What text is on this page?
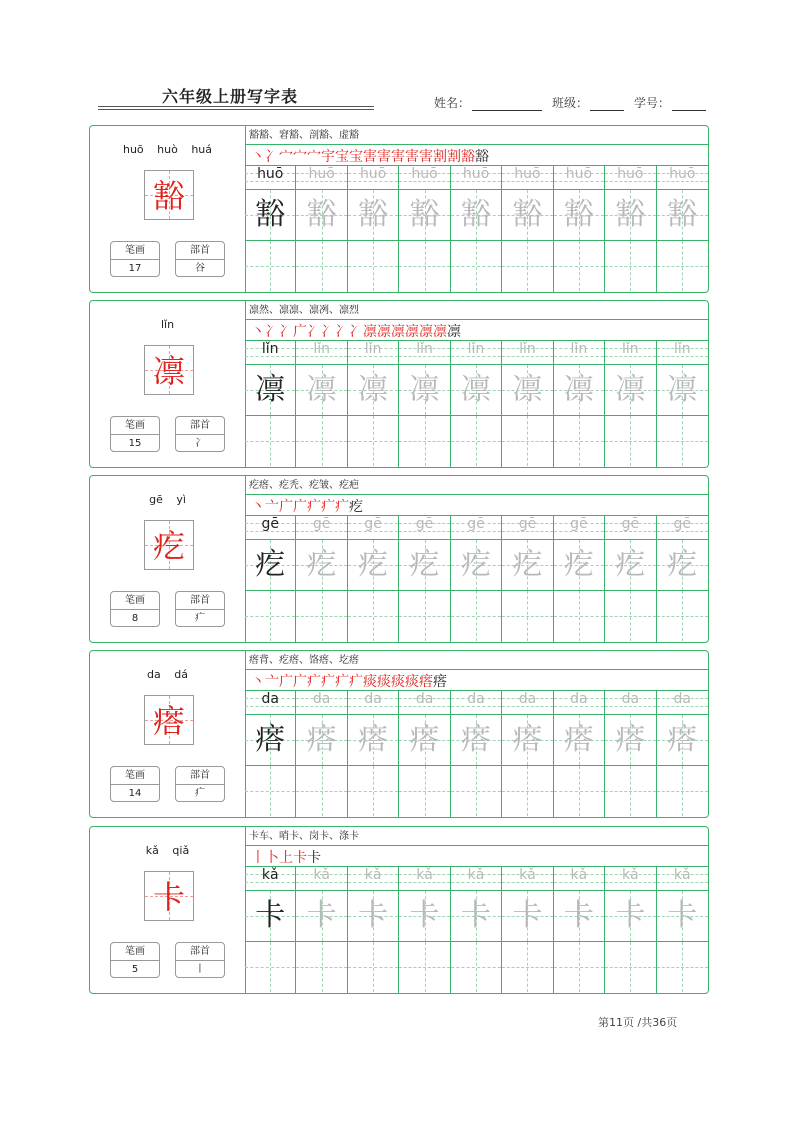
六年级上册写字表	姓名：	班级：	学号：
huō huò huá
豁
笔画
17
部首
谷
豁豁、窘豁、剖豁、虚豁
丶冫宀宀宀宇宝宝害害害害害割割豁豁
huō
豁
huō
豁
huō
豁
huō
豁
huō
豁
huō
豁
huō
豁
huō
豁
huō
豁
lǐn
凛
笔画
15
部首
冫
凛然、凛凛、凛冽、凛烈
丶冫冫广冫冫冫冫凛凛凛凛凛凛凛
lǐn
凛
lǐn
凛
lǐn
凛
lǐn
凛
lǐn
凛
lǐn
凛
lǐn
凛
lǐn
凛
lǐn
凛
gē yì
疙
笔画
8
部首
疒
疙瘩、疙秃、疙皱、疙疤
丶亠广广疒疒疒疙
gē
疙
gē
疙
gē
疙
gē
疙
gē
疙
gē
疙
gē
疙
gē
疙
gē
疙
da dá
瘩
笔画
14
部首
疒
瘩背、疙瘩、饹瘩、圪瘩
丶亠广广疒疒疒疒痰痰痰痰瘩瘩
da
瘩
da
瘩
da
瘩
da
瘩
da
瘩
da
瘩
da
瘩
da
瘩
da
瘩
kǎ qiǎ
卡
笔画
5
部首
丨
卡车、哨卡、岗卡、涤卡
丨卜上卡卡
kǎ
卡
kǎ
卡
kǎ
卡
kǎ
卡
kǎ
卡
kǎ
卡
kǎ
卡
kǎ
卡
kǎ
卡
第11页 /共36页
